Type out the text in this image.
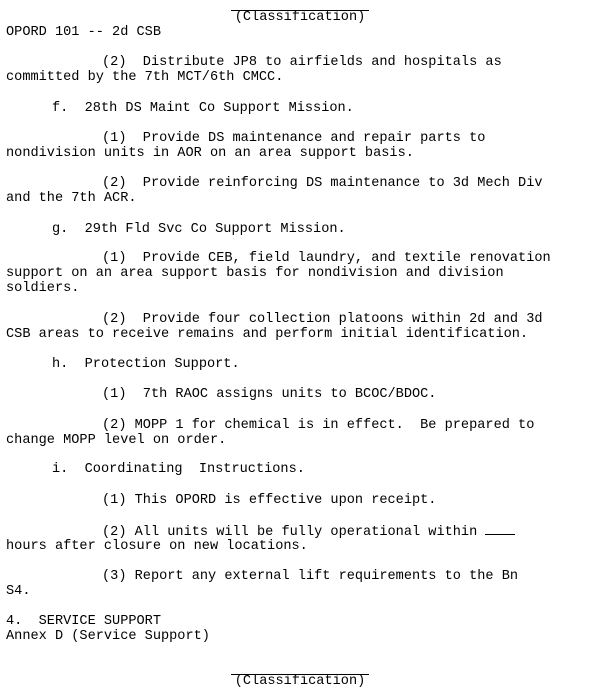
(Classification)
OPORD 101 -- 2d CSB
(2)  Distribute JP8 to airfields and hospitals as
committed by the 7th MCT/6th CMCC.
f.  28th DS Maint Co Support Mission.
(1)  Provide DS maintenance and repair parts to
nondivision units in AOR on an area support basis.
(2)  Provide reinforcing DS maintenance to 3d Mech Div
and the 7th ACR.
g.  29th Fld Svc Co Support Mission.
(1)  Provide CEB, field laundry, and textile renovation
support on an area support basis for nondivision and division
soldiers.
(2)  Provide four collection platoons within 2d and 3d
CSB areas to receive remains and perform initial identification.
h.  Protection Support.
(1)  7th RAOC assigns units to BCOC/BDOC.
(2) MOPP 1 for chemical is in effect.  Be prepared to
change MOPP level on order.
i.  Coordinating  Instructions.
(1) This OPORD is effective upon receipt.
(2) All units will be fully operational within
hours after closure on new locations.
(3) Report any external lift requirements to the Bn
S4.
4.  SERVICE SUPPORT
Annex D (Service Support)
(Classification)
